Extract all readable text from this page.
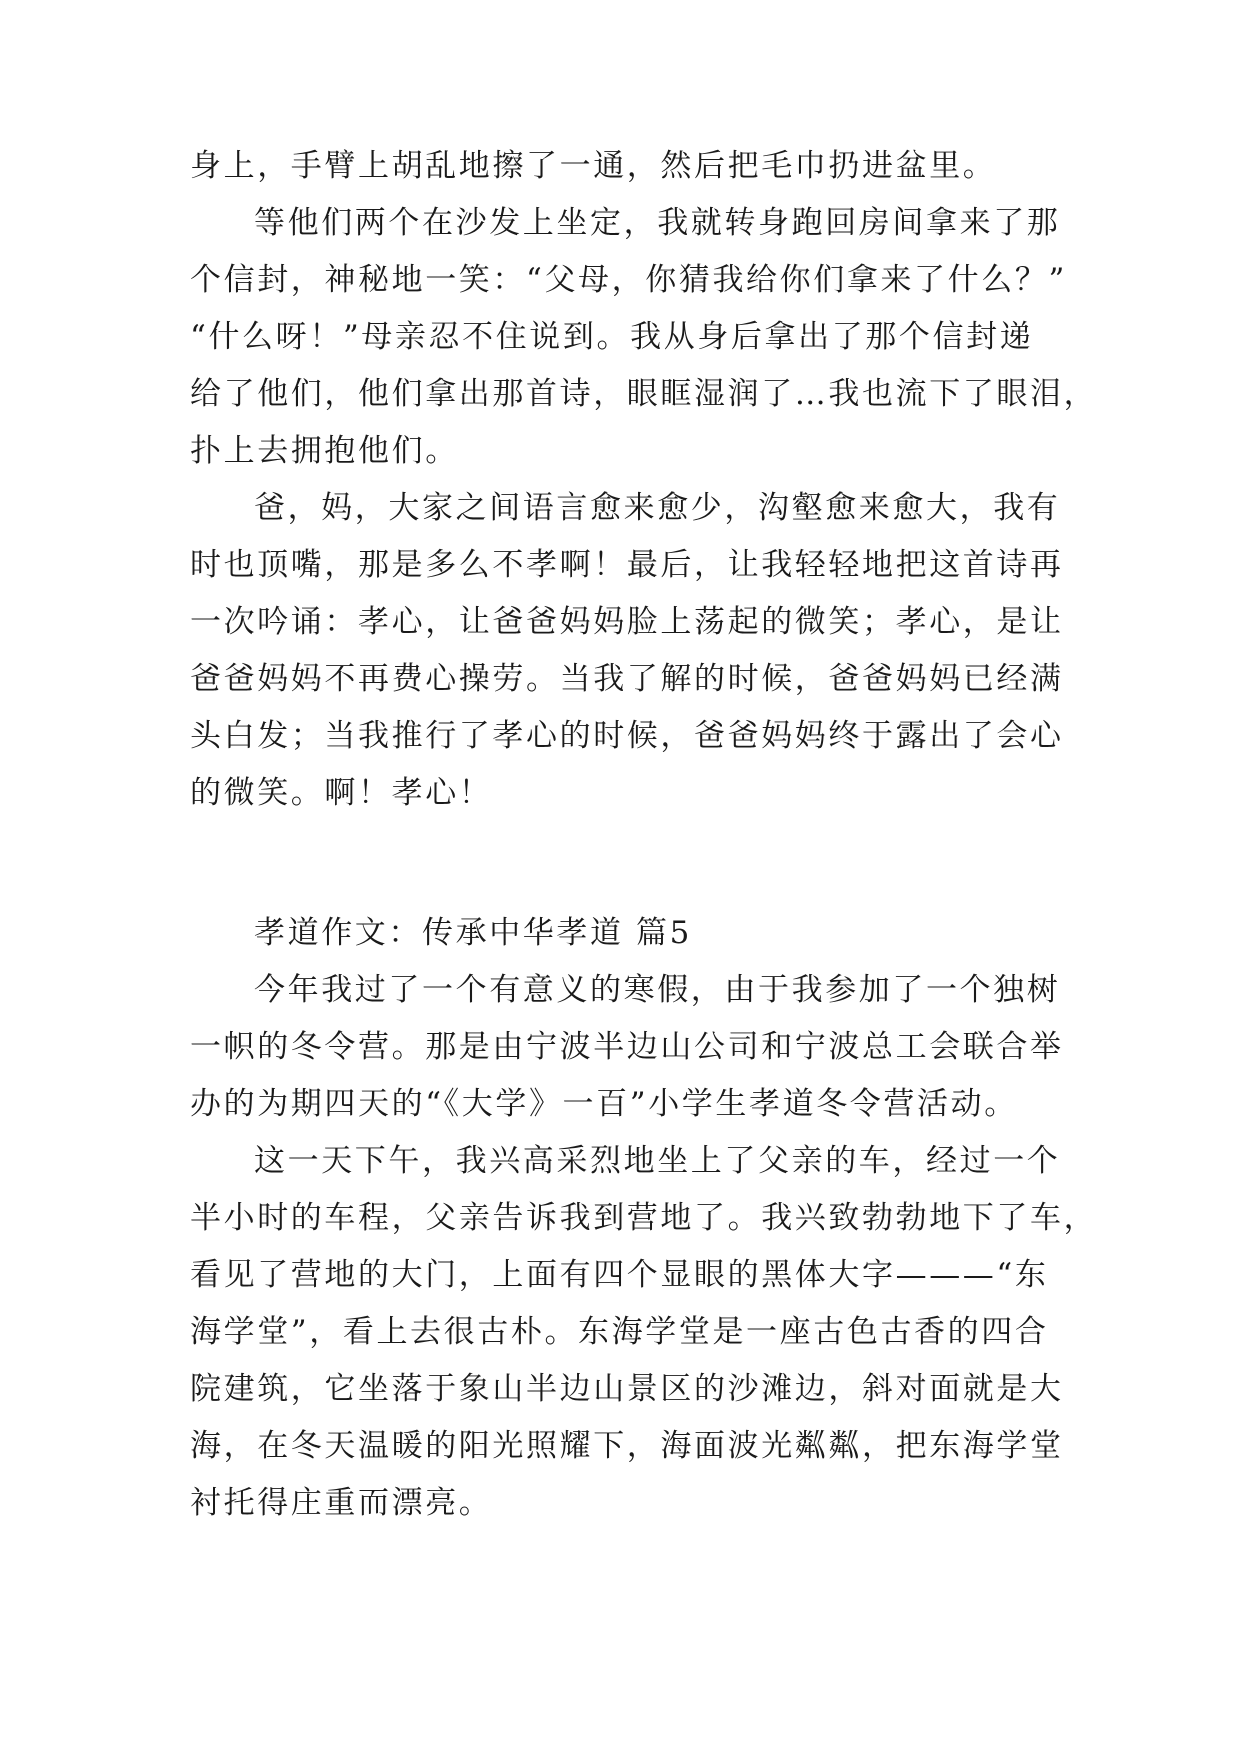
身上，手臂上胡乱地擦了一通，然后把毛巾扔进盆里。
等他们两个在沙发上坐定，我就转身跑回房间拿来了那
个信封，神秘地一笑：“父母，你猜我给你们拿来了什么？”
“什么呀！”母亲忍不住说到。我从身后拿出了那个信封递
给了他们，他们拿出那首诗，眼眶湿润了…我也流下了眼泪，
扑上去拥抱他们。
爸，妈，大家之间语言愈来愈少，沟壑愈来愈大，我有
时也顶嘴，那是多么不孝啊！最后，让我轻轻地把这首诗再
一次吟诵：孝心，让爸爸妈妈脸上荡起的微笑；孝心，是让
爸爸妈妈不再费心操劳。当我了解的时候，爸爸妈妈已经满
头白发；当我推行了孝心的时候，爸爸妈妈终于露出了会心
的微笑。啊！孝心！
孝道作文：传承中华孝道 篇5
今年我过了一个有意义的寒假，由于我参加了一个独树
一帜的冬令营。那是由宁波半边山公司和宁波总工会联合举
办的为期四天的“《大学》一百”小学生孝道冬令营活动。
这一天下午，我兴高采烈地坐上了父亲的车，经过一个
半小时的车程，父亲告诉我到营地了。我兴致勃勃地下了车，
看见了营地的大门，上面有四个显眼的黑体大字———“东
海学堂”，看上去很古朴。东海学堂是一座古色古香的四合
院建筑，它坐落于象山半边山景区的沙滩边，斜对面就是大
海，在冬天温暖的阳光照耀下，海面波光粼粼，把东海学堂
衬托得庄重而漂亮。
